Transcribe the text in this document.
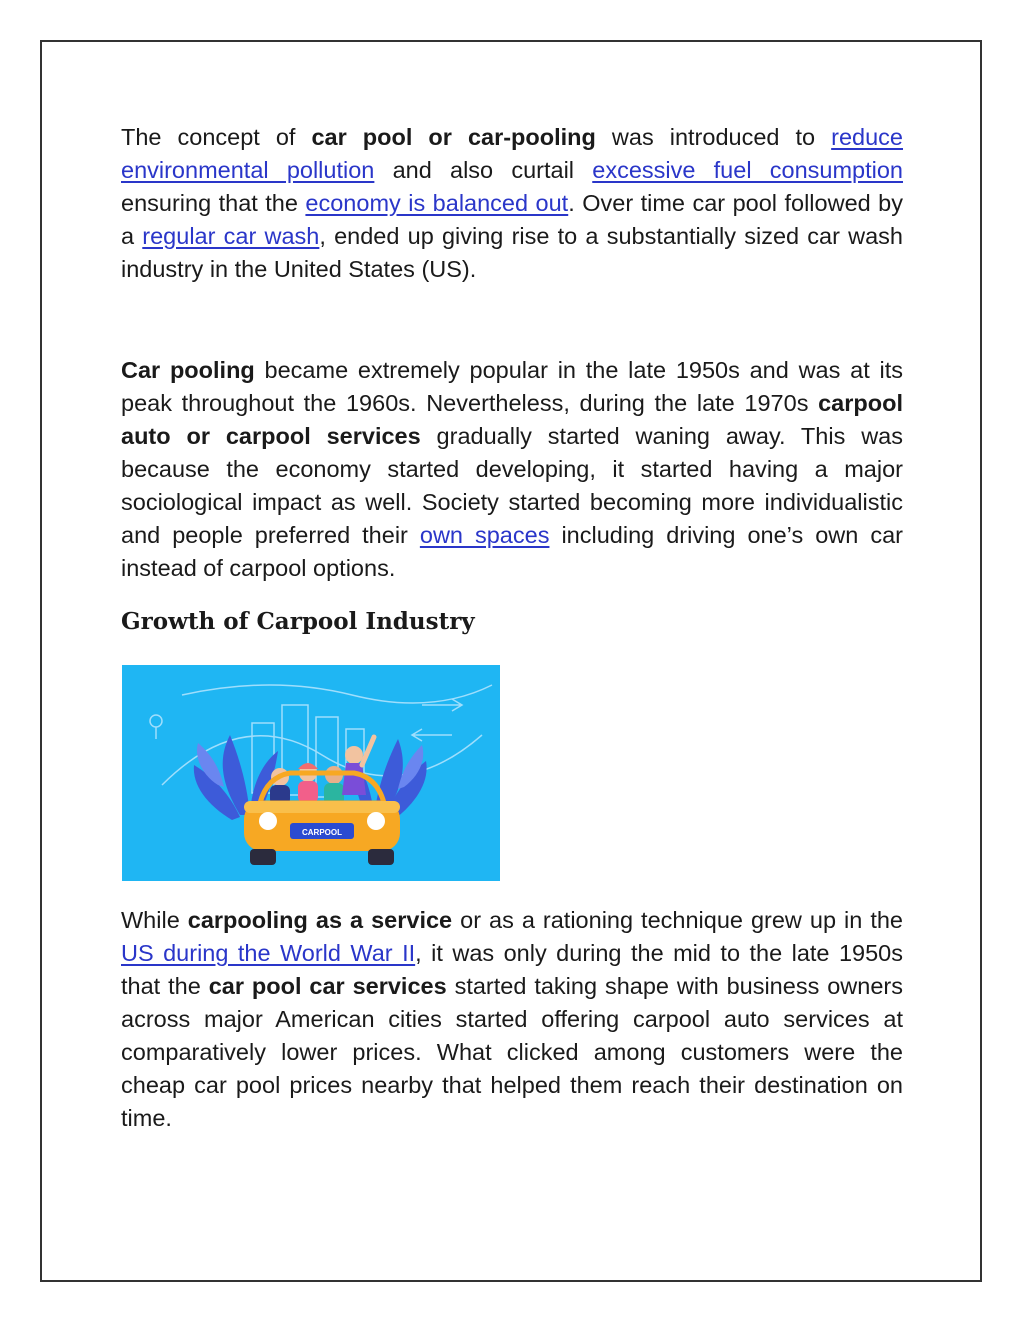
The concept of car pool or car-pooling was introduced to reduce environmental pollution and also curtail excessive fuel consumption ensuring that the economy is balanced out. Over time car pool followed by a regular car wash, ended up giving rise to a substantially sized car wash industry in the United States (US).

Car pooling became extremely popular in the late 1950s and was at its peak throughout the 1960s. Nevertheless, during the late 1970s carpool auto or carpool services gradually started waning away. This was because the economy started developing, it started having a major sociological impact as well. Society started becoming more individualistic and people preferred their own spaces including driving one’s own car instead of carpool options.

Growth of Carpool Industry
CARPOOL

While carpooling as a service or as a rationing technique grew up in the US during the World War II, it was only during the mid to the late 1950s that the car pool car services started taking shape with business owners across major American cities started offering carpool auto services at comparatively lower prices. What clicked among customers were the cheap car pool prices nearby that helped them reach their destination on time.
